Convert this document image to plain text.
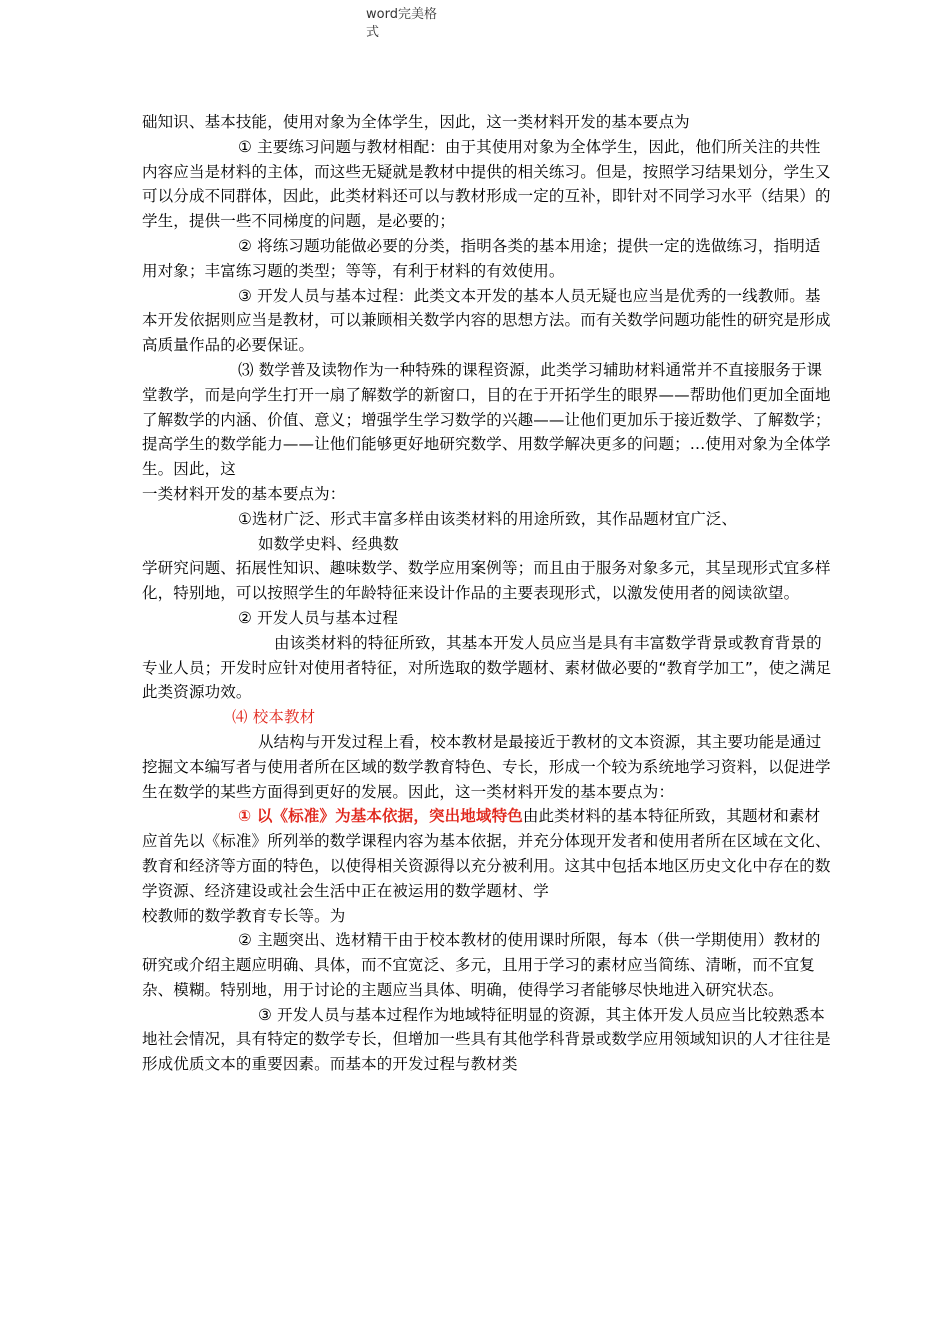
word完美格
式

础知识、基本技能，使用对象为全体学生，因此，这一类材料开发的基本要点为

① 主要练习问题与教材相配：由于其使用对象为全体学生，因此，他们所关注的共性内容应当是材料的主体，而这些无疑就是教材中提供的相关练习。但是，按照学习结果划分，学生又可以分成不同群体，因此，此类材料还可以与教材形成一定的互补，即针对不同学习水平（结果）的学生，提供一些不同梯度的问题，是必要的；

② 将练习题功能做必要的分类，指明各类的基本用途；提供一定的选做练习，指明适用对象；丰富练习题的类型；等等，有利于材料的有效使用。

③ 开发人员与基本过程：此类文本开发的基本人员无疑也应当是优秀的一线教师。基本开发依据则应当是教材，可以兼顾相关数学内容的思想方法。而有关数学问题功能性的研究是形成高质量作品的必要保证。

⑶ 数学普及读物作为一种特殊的课程资源，此类学习辅助材料通常并不直接服务于课堂教学，而是向学生打开一扇了解数学的新窗口，目的在于开拓学生的眼界——帮助他们更加全面地了解数学的内涵、价值、意义；增强学生学习数学的兴趣——让他们更加乐于接近数学、了解数学；提高学生的数学能力——让他们能够更好地研究数学、用数学解决更多的问题；…使用对象为全体学生。因此，这

一类材料开发的基本要点为：

①选材广泛、形式丰富多样由该类材料的用途所致，其作品题材宜广泛、

如数学史料、经典数

学研究问题、拓展性知识、趣味数学、数学应用案例等；而且由于服务对象多元，其呈现形式宜多样化，特别地，可以按照学生的年龄特征来设计作品的主要表现形式，以激发使用者的阅读欲望。

② 开发人员与基本过程

由该类材料的特征所致，其基本开发人员应当是具有丰富数学背景或教育背景的专业人员；开发时应针对使用者特征，对所选取的数学题材、素材做必要的“教育学加工”，使之满足此类资源功效。

⑷ 校本教材

从结构与开发过程上看，校本教材是最接近于教材的文本资源，其主要功能是通过挖掘文本编写者与使用者所在区域的数学教育特色、专长，形成一个较为系统地学习资料，以促进学生在数学的某些方面得到更好的发展。因此，这一类材料开发的基本要点为：

① 以《标准》为基本依据，突出地域特色由此类材料的基本特征所致，其题材和素材应首先以《标准》所列举的数学课程内容为基本依据，并充分体现开发者和使用者所在区域在文化、教育和经济等方面的特色，以使得相关资源得以充分被利用。这其中包括本地区历史文化中存在的数学资源、经济建设或社会生活中正在被运用的数学题材、学

校教师的数学教育专长等。为

② 主题突出、选材精干由于校本教材的使用课时所限，每本（供一学期使用）教材的研究或介绍主题应明确、具体，而不宜宽泛、多元，且用于学习的素材应当简练、清晰，而不宜复杂、模糊。特别地，用于讨论的主题应当具体、明确，使得学习者能够尽快地进入研究状态。

③ 开发人员与基本过程作为地域特征明显的资源，其主体开发人员应当比较熟悉本地社会情况，具有特定的数学专长，但增加一些具有其他学科背景或数学应用领域知识的人才往往是形成优质文本的重要因素。而基本的开发过程与教材类
